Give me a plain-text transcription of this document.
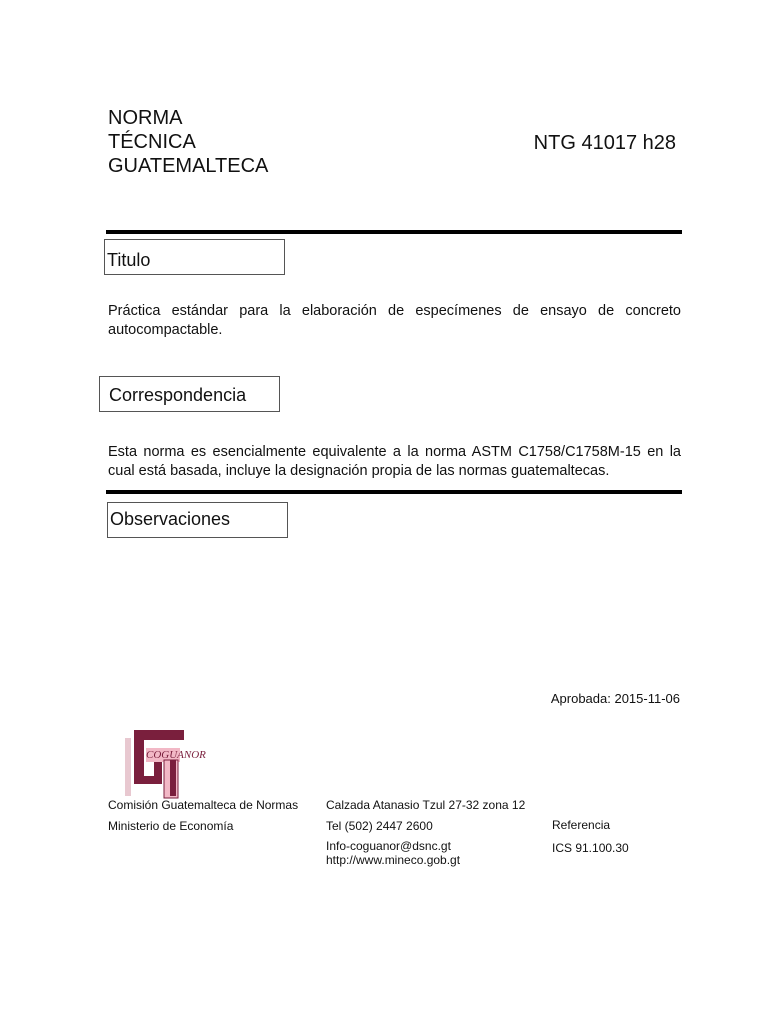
NORMA
TÉCNICA
GUATEMALTECA
NTG 41017 h28
Titulo
Práctica estándar para la elaboración de especímenes de ensayo de concreto autocompactable.
Correspondencia
Esta norma es esencialmente equivalente a la norma ASTM C1758/C1758M-15 en la cual está basada, incluye la designación propia de las normas guatemaltecas.
Observaciones
Aprobada: 2015-11-06
COGUANOR
Comisión Guatemalteca de Normas
Ministerio de Economía
Calzada Atanasio Tzul 27-32 zona 12
Tel (502) 2447 2600
Info-coguanor@dsnc.gt
http://www.mineco.gob.gt
Referencia
ICS 91.100.30
